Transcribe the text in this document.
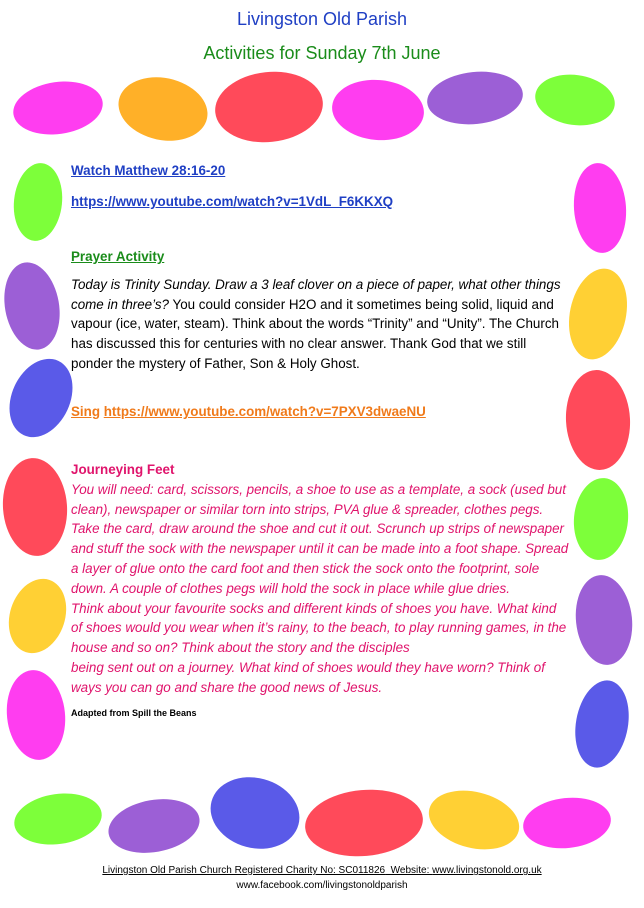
Livingston Old Parish
Activities for Sunday 7th June
Watch Matthew 28:16-20
https://www.youtube.com/watch?v=1VdL_F6KKXQ
Prayer Activity
Today is Trinity Sunday. Draw a 3 leaf clover on a piece of paper, what other things come in three’s? You could consider H2O and it sometimes being solid, liquid and vapour (ice, water, steam). Think about the words “Trinity” and “Unity”. The Church has discussed this for centuries with no clear answer. Thank God that we still ponder the mystery of Father, Son & Holy Ghost.
Sing https://www.youtube.com/watch?v=7PXV3dwaeNU
Journeying Feet
You will need: card, scissors, pencils, a shoe to use as a template, a sock (used but clean), newspaper or similar torn into strips, PVA glue & spreader, clothes pegs.
Take the card, draw around the shoe and cut it out. Scrunch up strips of newspaper and stuff the sock with the newspaper until it can be made into a foot shape. Spread a layer of glue onto the card foot and then stick the sock onto the footprint, sole down. A couple of clothes pegs will hold the sock in place while glue dries.
Think about your favourite socks and different kinds of shoes you have. What kind of shoes would you wear when it’s rainy, to the beach, to play running games, in the house and so on? Think about the story and the disciples
being sent out on a journey. What kind of shoes would they have worn? Think of ways you can go and share the good news of Jesus.
Adapted from Spill the Beans
Livingston Old Parish Church Registered Charity No: SC011826  Website: www.livingstonold.org.uk
www.facebook.com/livingstonoldparish
